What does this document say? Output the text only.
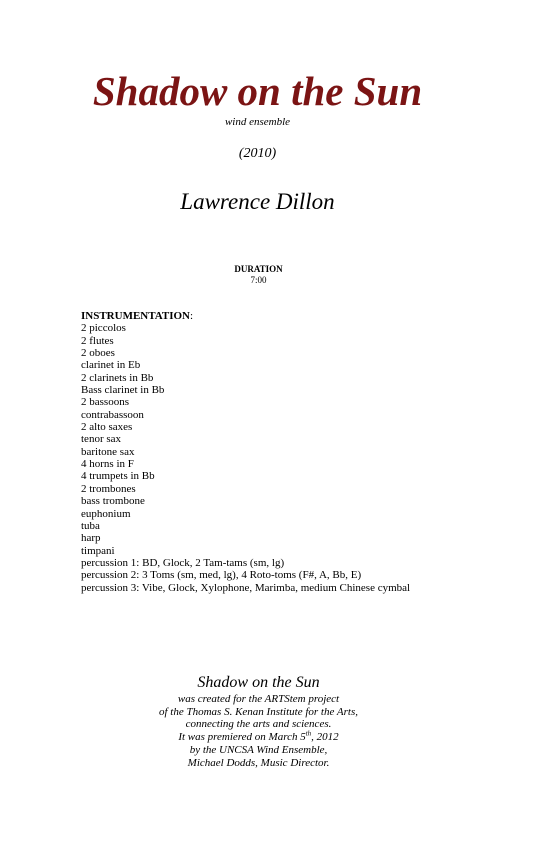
Shadow on the Sun
wind ensemble
(2010)
Lawrence Dillon
DURATION
7:00
INSTRUMENTATION:
2 piccolos
2 flutes
2 oboes
clarinet in Eb
2 clarinets in Bb
Bass clarinet in Bb
2 bassoons
contrabassoon
2 alto saxes
tenor sax
baritone sax
4 horns in F
4 trumpets in Bb
2 trombones
bass trombone
euphonium
tuba
harp
timpani
percussion 1: BD, Glock, 2 Tam-tams (sm, lg)
percussion 2: 3 Toms (sm, med, lg), 4 Roto-toms (F#, A, Bb, E)
percussion 3: Vibe, Glock, Xylophone, Marimba, medium Chinese cymbal
Shadow on the Sun
was created for the ARTStem project
of the Thomas S. Kenan Institute for the Arts,
connecting the arts and sciences.
It was premiered on March 5th, 2012
by the UNCSA Wind Ensemble,
Michael Dodds, Music Director.
